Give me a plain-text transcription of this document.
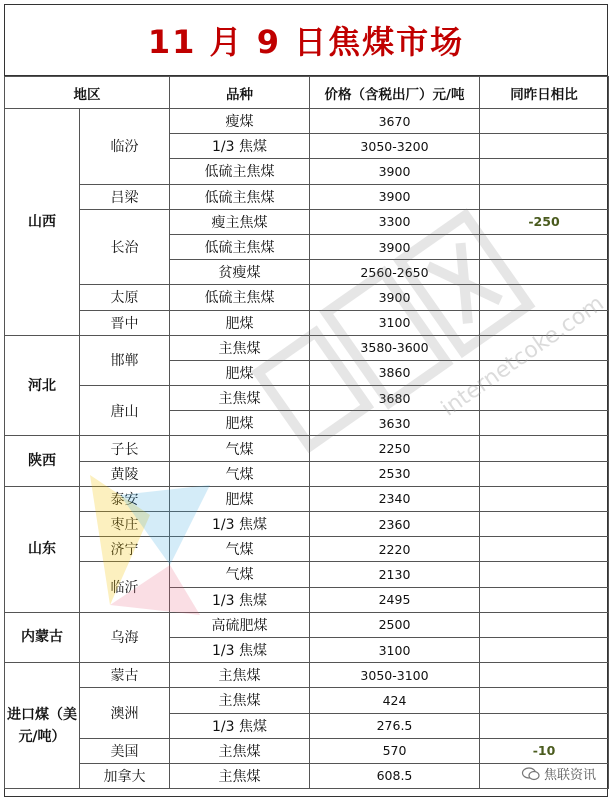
11 月 9 日焦煤市场
地区		品种	价格（含税出厂）元/吨	同昨日相比
山西	临汾	瘦煤	3670	
		1/3 焦煤	3050-3200	
		低硫主焦煤	3900	
	吕梁	低硫主焦煤	3900	
	长治	瘦主焦煤	3300	-250
		低硫主焦煤	3900	
		贫瘦煤	2560-2650	
	太原	低硫主焦煤	3900	
	晋中	肥煤	3100	
河北	邯郸	主焦煤	3580-3600	
		肥煤	3860	
	唐山	主焦煤	3680	
		肥煤	3630	
陕西	子长	气煤	2250	
	黄陵	气煤	2530	
山东	泰安	肥煤	2340	
	枣庄	1/3 焦煤	2360	
	济宁	气煤	2220	
	临沂	气煤	2130	
		1/3 焦煤	2495	
内蒙古	乌海	高硫肥煤	2500	
		1/3 焦煤	3100	
进口煤（美元/吨）	蒙古	主焦煤	3050-3100	
	澳洲	主焦煤	424	
		1/3 焦煤	276.5	
	美国	主焦煤	570	-10
	加拿大	主焦煤	608.5	
internetcoke.com
焦联资讯
